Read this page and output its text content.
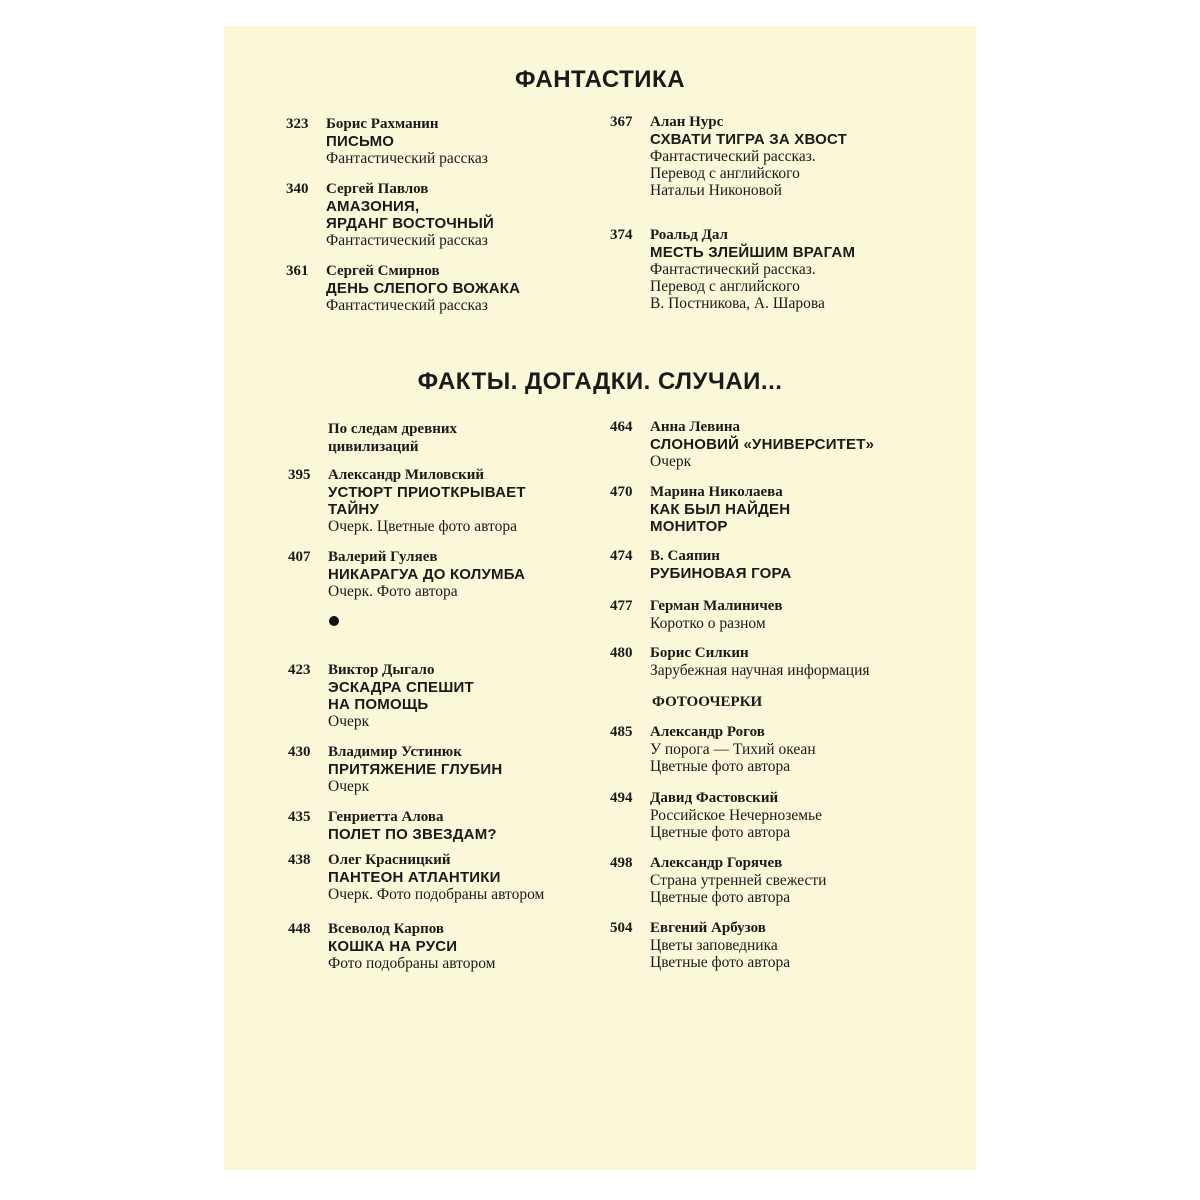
ФАНТАСТИКА
ФАКТЫ. ДОГАДКИ. СЛУЧАИ...
По следам древних
цивилизаций
ФОТООЧЕРКИ
323	Борис Рахманин
ПИСЬМО
Фантастический рассказ
340	Сергей Павлов
АМАЗОНИЯ,
ЯРДАНГ ВОСТОЧНЫЙ
Фантастический рассказ
361	Сергей Смирнов
ДЕНЬ СЛЕПОГО ВОЖАКА
Фантастический рассказ
367	Алан Нурс
СХВАТИ ТИГРА ЗА ХВОСТ
Фантастический рассказ.
Перевод с английского
Натальи Никоновой
374	Роальд Дал
МЕСТЬ ЗЛЕЙШИМ ВРАГАМ
Фантастический рассказ.
Перевод с английского
В. Постникова, А. Шарова
395	Александр Миловский
УСТЮРТ ПРИОТКРЫВАЕТ
ТАЙНУ
Очерк. Цветные фото автора
407	Валерий Гуляев
НИКАРАГУА ДО КОЛУМБА
Очерк. Фото автора
423	Виктор Дыгало
ЭСКАДРА СПЕШИТ
НА ПОМОЩЬ
Очерк
430	Владимир Устинюк
ПРИТЯЖЕНИЕ ГЛУБИН
Очерк
435	Генриетта Алова
ПОЛЕТ ПО ЗВЕЗДАМ?
438	Олег Красницкий
ПАНТЕОН АТЛАНТИКИ
Очерк. Фото подобраны автором
448	Всеволод Карпов
КОШКА НА РУСИ
Фото подобраны автором
464	Анна Левина
СЛОНОВИЙ «УНИВЕРСИТЕТ»
Очерк
470	Марина Николаева
КАК БЫЛ НАЙДЕН
МОНИТОР
474	В. Саяпин
РУБИНОВАЯ ГОРА
477	Герман Малиничев
Коротко о разном
480	Борис Силкин
Зарубежная научная информация
485	Александр Рогов
У порога — Тихий океан
Цветные фото автора
494	Давид Фастовский
Российское Нечерноземье
Цветные фото автора
498	Александр Горячев
Страна утренней свежести
Цветные фото автора
504	Евгений Арбузов
Цветы заповедника
Цветные фото автора
